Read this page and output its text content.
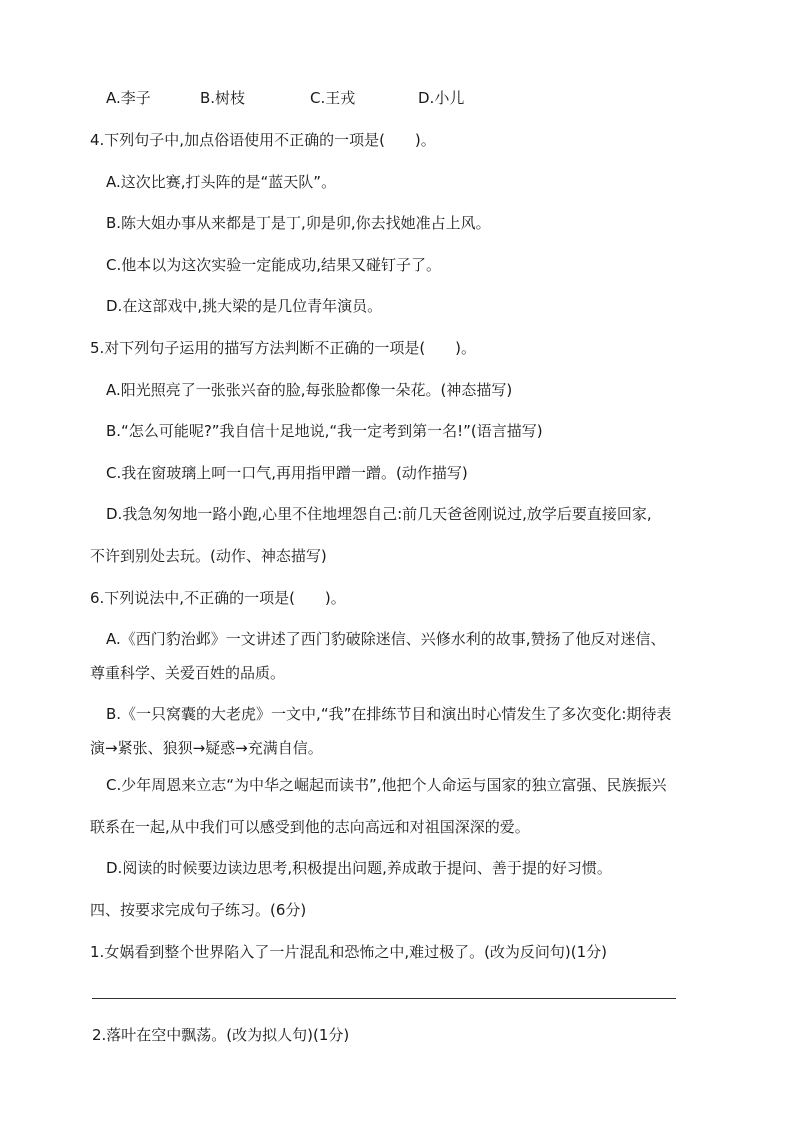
A.李子	B.树枝	C.王戎	D.小儿
4.下列句子中,加点俗语使用不正确的一项是(　　)。
A.这次比赛,打头阵的是“蓝天队”。
B.陈大姐办事从来都是丁是丁,卯是卯,你去找她准占上风。
C.他本以为这次实验一定能成功,结果又碰钉子了。
D.在这部戏中,挑大梁的是几位青年演员。
5.对下列句子运用的描写方法判断不正确的一项是(　　)。
A.阳光照亮了一张张兴奋的脸,每张脸都像一朵花。(神态描写)
B.“怎么可能呢?”我自信十足地说,“我一定考到第一名!”(语言描写)
C.我在窗玻璃上呵一口气,再用指甲蹭一蹭。(动作描写)
D.我急匆匆地一路小跑,心里不住地埋怨自己:前几天爸爸刚说过,放学后要直接回家,
不许到别处去玩。(动作、神态描写)
6.下列说法中,不正确的一项是(　　)。
A.《西门豹治邺》一文讲述了西门豹破除迷信、兴修水利的故事,赞扬了他反对迷信、
尊重科学、关爱百姓的品质。
B.《一只窝囊的大老虎》一文中,“我”在排练节目和演出时心情发生了多次变化:期待表
演→紧张、狼狈→疑惑→充满自信。
C.少年周恩来立志“为中华之崛起而读书”,他把个人命运与国家的独立富强、民族振兴
联系在一起,从中我们可以感受到他的志向高远和对祖国深深的爱。
D.阅读的时候要边读边思考,积极提出问题,养成敢于提问、善于提的好习惯。
四、按要求完成句子练习。(6分)
1.女娲看到整个世界陷入了一片混乱和恐怖之中,难过极了。(改为反问句)(1分)
2.落叶在空中飘荡。(改为拟人句)(1分)
